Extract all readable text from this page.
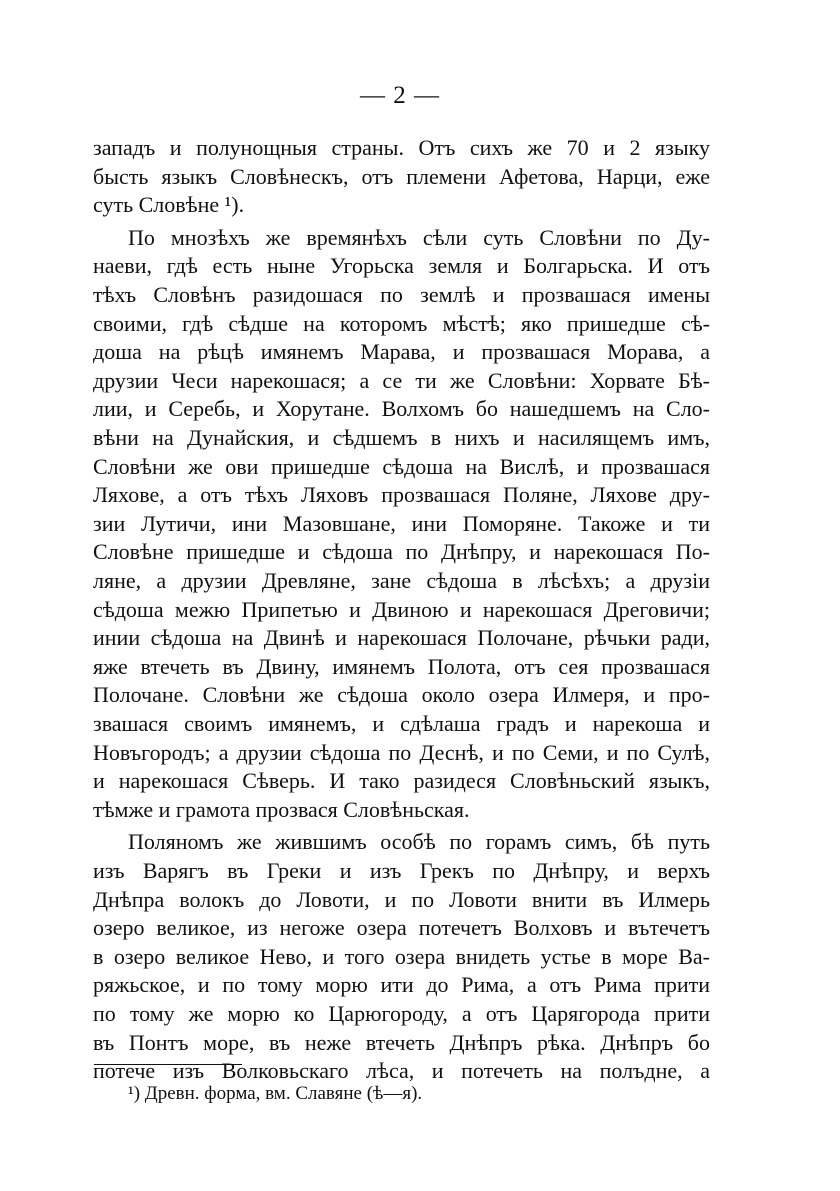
— 2 —
¹) Древн. форма, вм. Славяне (ѣ—я).
западъ и полунощныя страны. Отъ сихъ же 70 и 2 языку
бысть языкъ Словѣнескъ, отъ племени Афетова, Нарци, еже
суть Словѣне ¹).
По мнозѣхъ же времянѣхъ сѣли суть Словѣни по Ду-
наеви, гдѣ есть ныне Угорьска земля и Болгарьска. И отъ
тѣхъ Словѣнъ разидошася по землѣ и прозвашася имены
своими, гдѣ сѣдше на которомъ мѣстѣ; яко пришедше сѣ-
доша на рѣцѣ имянемъ Марава, и прозвашася Морава, а
друзии Чеси нарекошася; а се ти же Словѣни: Хорвате Бѣ-
лии, и Серебь, и Хорутане. Волхомъ бо нашедшемъ на Сло-
вѣни на Дунайския, и сѣдшемъ в нихъ и насилящемъ имъ,
Словѣни же ови пришедше сѣдоша на Вислѣ, и прозвашася
Ляхове, а отъ тѣхъ Ляховъ прозвашася Поляне, Ляхове дру-
зии Лутичи, ини Мазовшане, ини Поморяне. Такоже и ти
Словѣне пришедше и сѣдоша по Днѣпру, и нарекошася По-
ляне, а друзии Древляне, зане сѣдоша в лѣсѣхъ; а друзіи
сѣдоша межю Припетью и Двиною и нарекошася Дреговичи;
инии сѣдоша на Двинѣ и нарекошася Полочане, рѣчьки ради,
яже втечеть въ Двину, имянемъ Полота, отъ сея прозвашася
Полочане. Словѣни же сѣдоша около озера Илмеря, и про-
звашася своимъ имянемъ, и сдѣлаша градъ и нарекоша и
Новъгородъ; а друзии сѣдоша по Деснѣ, и по Семи, и по Сулѣ,
и нарекошася Сѣверь. И тако разидеся Словѣньский языкъ,
тѣмже и грамота прозвася Словѣньская.
Поляномъ же жившимъ особѣ по горамъ симъ, бѣ путь
изъ Варягъ въ Греки и изъ Грекъ по Днѣпру, и верхъ
Днѣпра волокъ до Ловоти, и по Ловоти внити въ Илмерь
озеро великое, из негоже озера потечетъ Волховъ и вътечетъ
в озеро великое Нево, и того озера внидеть устье в море Ва-
ряжьское, и по тому морю ити до Рима, а отъ Рима прити
по тому же морю ко Царюгороду, а отъ Царягорода прити
въ Понтъ море, въ неже втечеть Днѣпръ рѣка. Днѣпръ бо
потече изъ Волковьскаго лѣса, и потечеть на полъдне, а
